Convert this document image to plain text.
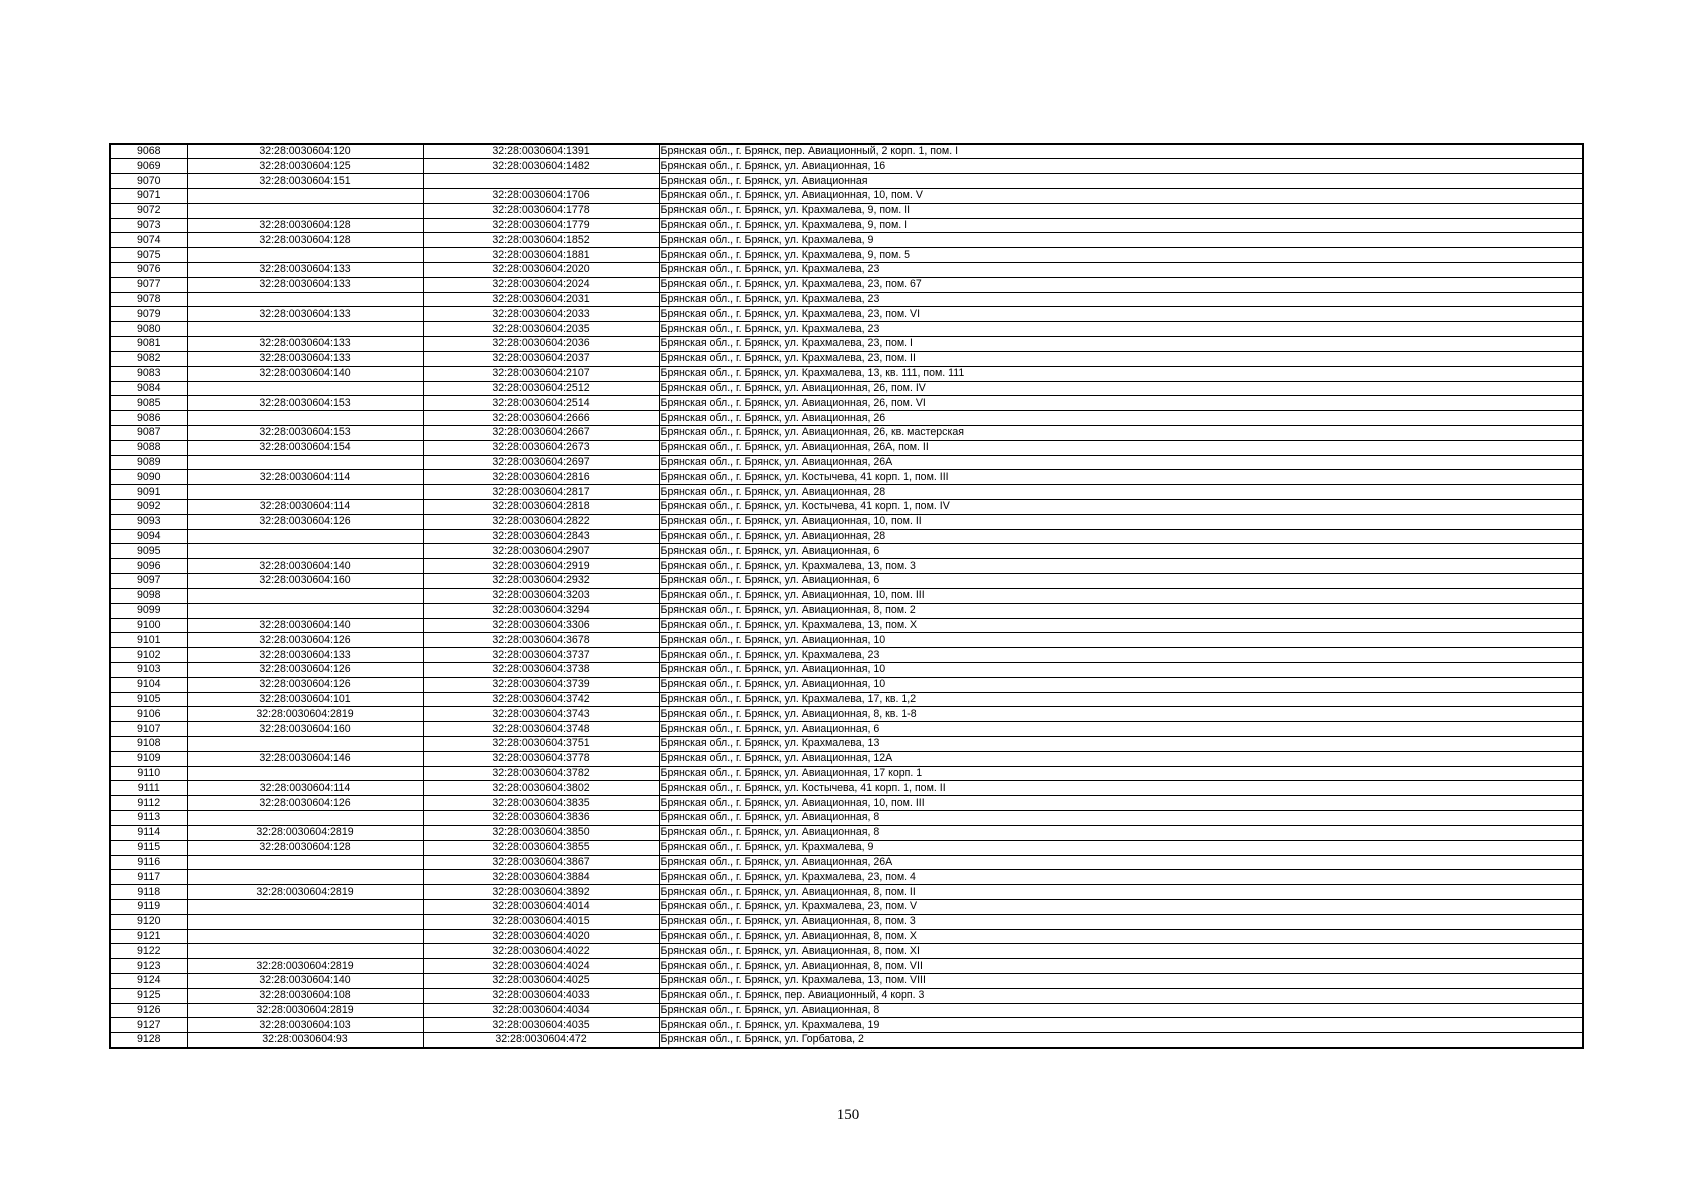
9068	32:28:0030604:120	32:28:0030604:1391	Брянская обл., г. Брянск, пер. Авиационный, 2 корп. 1, пом. I
9069	32:28:0030604:125	32:28:0030604:1482	Брянская обл., г. Брянск, ул. Авиационная, 16
9070	32:28:0030604:151		Брянская обл., г. Брянск, ул. Авиационная
9071		32:28:0030604:1706	Брянская обл., г. Брянск, ул. Авиационная, 10, пом. V
9072		32:28:0030604:1778	Брянская обл., г. Брянск, ул. Крахмалева, 9, пом. II
9073	32:28:0030604:128	32:28:0030604:1779	Брянская обл., г. Брянск, ул. Крахмалева, 9, пом. I
9074	32:28:0030604:128	32:28:0030604:1852	Брянская обл., г. Брянск, ул. Крахмалева, 9
9075		32:28:0030604:1881	Брянская обл., г. Брянск, ул. Крахмалева, 9, пом. 5
9076	32:28:0030604:133	32:28:0030604:2020	Брянская обл., г. Брянск, ул. Крахмалева, 23
9077	32:28:0030604:133	32:28:0030604:2024	Брянская обл., г. Брянск, ул. Крахмалева, 23, пом. 67
9078		32:28:0030604:2031	Брянская обл., г. Брянск, ул. Крахмалева, 23
9079	32:28:0030604:133	32:28:0030604:2033	Брянская обл., г. Брянск, ул. Крахмалева, 23, пом. VI
9080		32:28:0030604:2035	Брянская обл., г. Брянск, ул. Крахмалева, 23
9081	32:28:0030604:133	32:28:0030604:2036	Брянская обл., г. Брянск, ул. Крахмалева, 23, пом. I
9082	32:28:0030604:133	32:28:0030604:2037	Брянская обл., г. Брянск, ул. Крахмалева, 23, пом. II
9083	32:28:0030604:140	32:28:0030604:2107	Брянская обл., г. Брянск, ул. Крахмалева, 13, кв. 111, пом. 111
9084		32:28:0030604:2512	Брянская обл., г. Брянск, ул. Авиационная, 26, пом. IV
9085	32:28:0030604:153	32:28:0030604:2514	Брянская обл., г. Брянск, ул. Авиационная, 26, пом. VI
9086		32:28:0030604:2666	Брянская обл., г. Брянск, ул. Авиационная, 26
9087	32:28:0030604:153	32:28:0030604:2667	Брянская обл., г. Брянск, ул. Авиационная, 26, кв. мастерская
9088	32:28:0030604:154	32:28:0030604:2673	Брянская обл., г. Брянск, ул. Авиационная, 26А, пом. II
9089		32:28:0030604:2697	Брянская обл., г. Брянск, ул. Авиационная, 26А
9090	32:28:0030604:114	32:28:0030604:2816	Брянская обл., г. Брянск, ул. Костычева, 41 корп. 1, пом. III
9091		32:28:0030604:2817	Брянская обл., г. Брянск, ул. Авиационная, 28
9092	32:28:0030604:114	32:28:0030604:2818	Брянская обл., г. Брянск, ул. Костычева, 41 корп. 1, пом. IV
9093	32:28:0030604:126	32:28:0030604:2822	Брянская обл., г. Брянск, ул. Авиационная, 10, пом. II
9094		32:28:0030604:2843	Брянская обл., г. Брянск, ул. Авиационная, 28
9095		32:28:0030604:2907	Брянская обл., г. Брянск, ул. Авиационная, 6
9096	32:28:0030604:140	32:28:0030604:2919	Брянская обл., г. Брянск, ул. Крахмалева, 13, пом. 3
9097	32:28:0030604:160	32:28:0030604:2932	Брянская обл., г. Брянск, ул. Авиационная, 6
9098		32:28:0030604:3203	Брянская обл., г. Брянск, ул. Авиационная, 10, пом. III
9099		32:28:0030604:3294	Брянская обл., г. Брянск, ул. Авиационная, 8, пом. 2
9100	32:28:0030604:140	32:28:0030604:3306	Брянская обл., г. Брянск, ул. Крахмалева, 13, пом. X
9101	32:28:0030604:126	32:28:0030604:3678	Брянская обл., г. Брянск, ул. Авиационная, 10
9102	32:28:0030604:133	32:28:0030604:3737	Брянская обл., г. Брянск, ул. Крахмалева, 23
9103	32:28:0030604:126	32:28:0030604:3738	Брянская обл., г. Брянск, ул. Авиационная, 10
9104	32:28:0030604:126	32:28:0030604:3739	Брянская обл., г. Брянск, ул. Авиационная, 10
9105	32:28:0030604:101	32:28:0030604:3742	Брянская обл., г. Брянск, ул. Крахмалева, 17, кв. 1,2
9106	32:28:0030604:2819	32:28:0030604:3743	Брянская обл., г. Брянск, ул. Авиационная, 8, кв. 1-8
9107	32:28:0030604:160	32:28:0030604:3748	Брянская обл., г. Брянск, ул. Авиационная, 6
9108		32:28:0030604:3751	Брянская обл., г. Брянск, ул. Крахмалева, 13
9109	32:28:0030604:146	32:28:0030604:3778	Брянская обл., г. Брянск, ул. Авиационная, 12А
9110		32:28:0030604:3782	Брянская обл., г. Брянск, ул. Авиационная, 17 корп. 1
9111	32:28:0030604:114	32:28:0030604:3802	Брянская обл., г. Брянск, ул. Костычева, 41 корп. 1, пом. II
9112	32:28:0030604:126	32:28:0030604:3835	Брянская обл., г. Брянск, ул. Авиационная, 10, пом. III
9113		32:28:0030604:3836	Брянская обл., г. Брянск, ул. Авиационная, 8
9114	32:28:0030604:2819	32:28:0030604:3850	Брянская обл., г. Брянск, ул. Авиационная, 8
9115	32:28:0030604:128	32:28:0030604:3855	Брянская обл., г. Брянск, ул. Крахмалева, 9
9116		32:28:0030604:3867	Брянская обл., г. Брянск, ул. Авиационная, 26А
9117		32:28:0030604:3884	Брянская обл., г. Брянск, ул. Крахмалева, 23, пом. 4
9118	32:28:0030604:2819	32:28:0030604:3892	Брянская обл., г. Брянск, ул. Авиационная, 8, пом. II
9119		32:28:0030604:4014	Брянская обл., г. Брянск, ул. Крахмалева, 23, пом. V
9120		32:28:0030604:4015	Брянская обл., г. Брянск, ул. Авиационная, 8, пом. 3
9121		32:28:0030604:4020	Брянская обл., г. Брянск, ул. Авиационная, 8, пом. X
9122		32:28:0030604:4022	Брянская обл., г. Брянск, ул. Авиационная, 8, пом. XI
9123	32:28:0030604:2819	32:28:0030604:4024	Брянская обл., г. Брянск, ул. Авиационная, 8, пом. VII
9124	32:28:0030604:140	32:28:0030604:4025	Брянская обл., г. Брянск, ул. Крахмалева, 13, пом. VIII
9125	32:28:0030604:108	32:28:0030604:4033	Брянская обл., г. Брянск, пер. Авиационный, 4 корп. 3
9126	32:28:0030604:2819	32:28:0030604:4034	Брянская обл., г. Брянск, ул. Авиационная, 8
9127	32:28:0030604:103	32:28:0030604:4035	Брянская обл., г. Брянск, ул. Крахмалева, 19
9128	32:28:0030604:93	32:28:0030604:472	Брянская обл., г. Брянск, ул. Горбатова, 2
150
